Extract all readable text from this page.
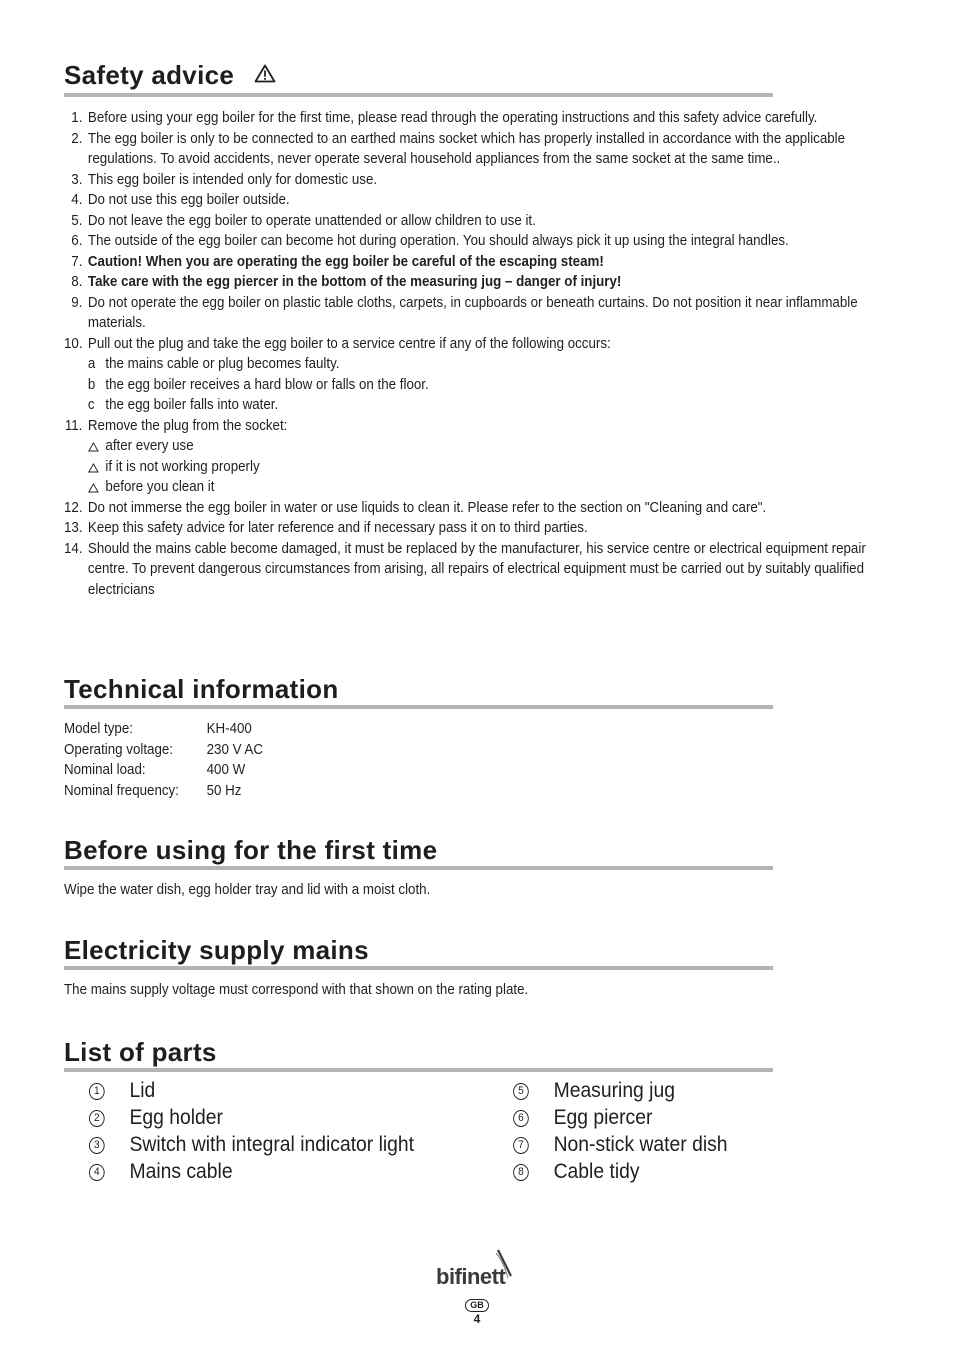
Safety advice
1. Before using your egg boiler for the first time, please read through the operating instructions and this safety advice carefully.
2. The egg boiler is only to be connected to an earthed mains socket which has properly installed in accordance with the applicable regulations. To avoid accidents, never operate several household appliances from the same socket at the same time..
3. This egg boiler is intended only for domestic use.
4. Do not use this egg boiler outside.
5. Do not leave the egg boiler to operate unattended or allow children to use it.
6. The outside of the egg boiler can become hot during operation. You should always pick it up using the integral handles.
7. Caution! When you are operating the egg boiler be careful of the escaping steam!
8. Take care with the egg piercer in the bottom of the measuring jug – danger of injury!
9. Do not operate the egg boiler on plastic table cloths, carpets, in cupboards or beneath curtains. Do not position it near inflammable materials.
10. Pull out the plug and take the egg boiler to a service centre if any of the following occurs:
a the mains cable or plug becomes faulty.
b the egg boiler receives a hard blow or falls on the floor.
c the egg boiler falls into water.
11. Remove the plug from the socket:
after every use
if it is not working properly
before you clean it
12. Do not immerse the egg boiler in water or use liquids to clean it. Please refer to the section on "Cleaning and care".
13. Keep this safety advice for later reference and if necessary pass it on to third parties.
14. Should the mains cable become damaged, it must be replaced by the manufacturer, his service centre or electrical equipment repair centre. To prevent dangerous circumstances from arising, all repairs of electrical equipment must be carried out by suitably qualified electricians
Technical information
Model type:	KH-400
Operating voltage:	230 V AC
Nominal load:	400 W
Nominal frequency:	50 Hz
Before using for the first time
Wipe the water dish, egg holder tray and lid with a moist cloth.
Electricity supply mains
The mains supply voltage must correspond with that shown on the rating plate.
List of parts
1 Lid
2 Egg holder
3 Switch with integral indicator light
4 Mains cable
5 Measuring jug
6 Egg piercer
7 Non-stick water dish
8 Cable tidy
bifinett
GB
4
